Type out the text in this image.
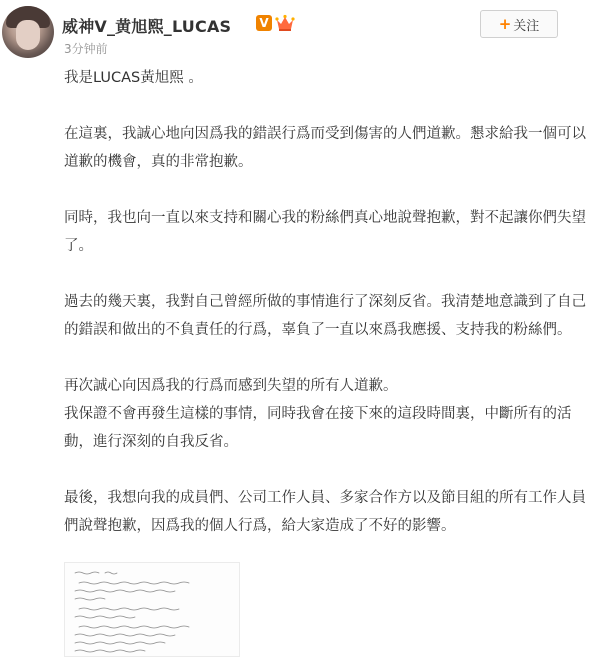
威神V_黄旭熙_LUCAS V
3分钟前
+ 关注

我是LUCAS黃旭熙 。

在這裏，我誠心地向因爲我的錯誤行爲而受到傷害的人們道歉。懇求給我一個可以道歉的機會，真的非常抱歉。

同時，我也向一直以來支持和關心我的粉絲們真心地說聲抱歉，對不起讓你們失望了。

過去的幾天裏，我對自己曾經所做的事情進行了深刻反省。我清楚地意識到了自己的錯誤和做出的不負責任的行爲，辜負了一直以來爲我應援、支持我的粉絲們。

再次誠心向因爲我的行爲而感到失望的所有人道歉。

我保證不會再發生這樣的事情，同時我會在接下來的這段時間裏，中斷所有的活動，進行深刻的自我反省。

最後，我想向我的成員們、公司工作人員、多家合作方以及節目組的所有工作人員們說聲抱歉，因爲我的個人行爲，給大家造成了不好的影響。
